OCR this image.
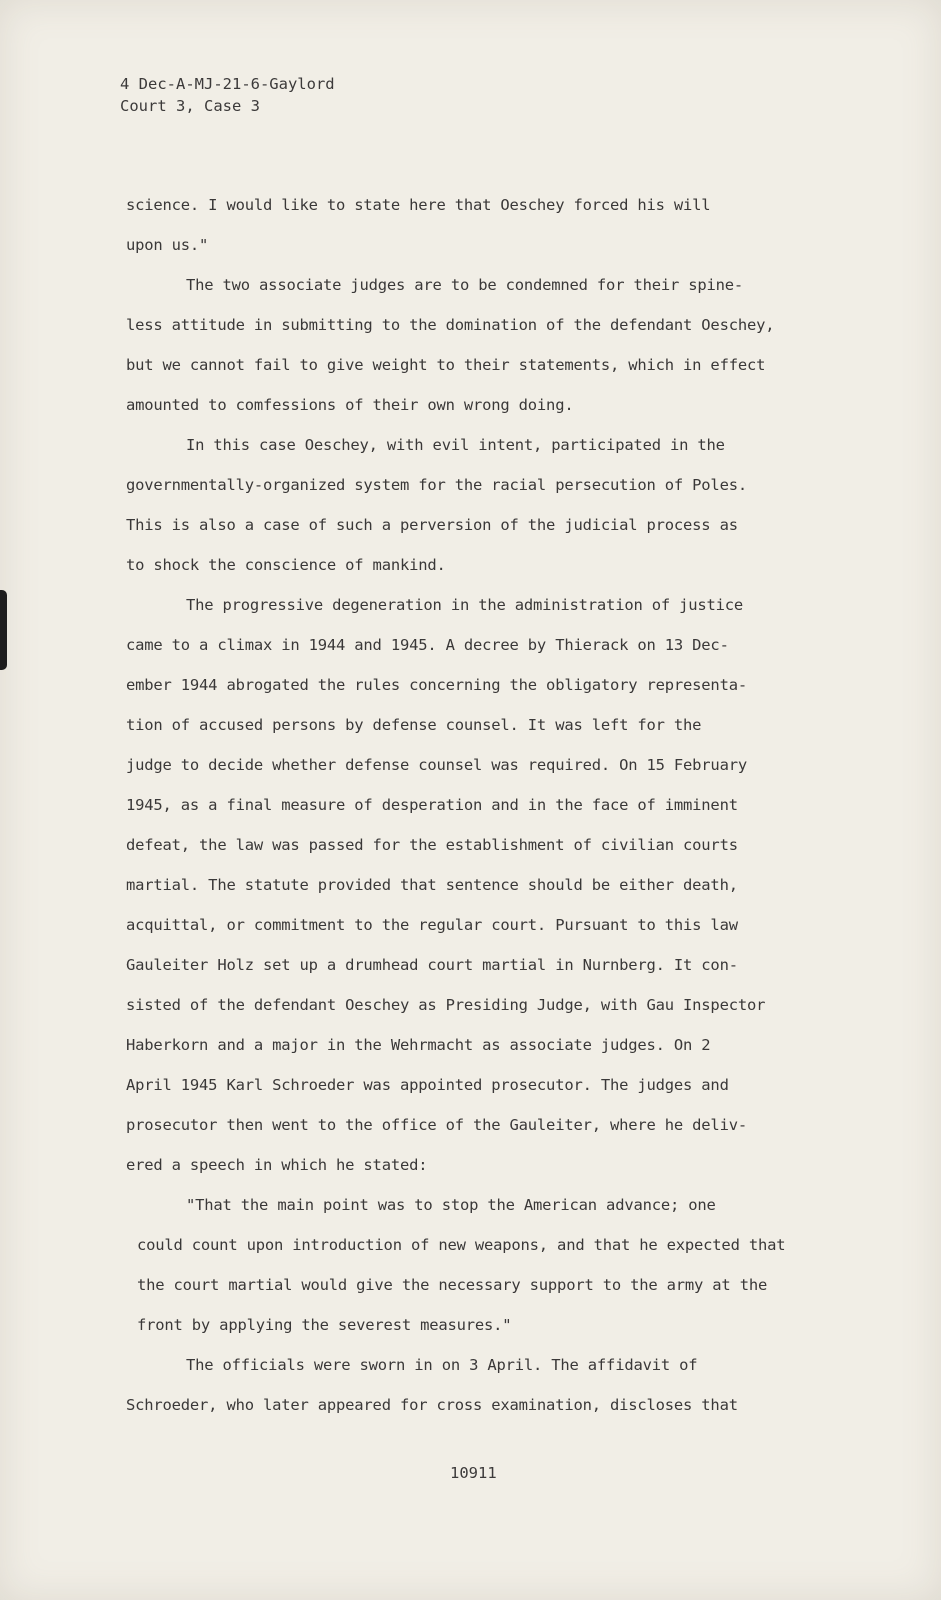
4 Dec-A-MJ-21-6-Gaylord
Court 3, Case 3
science. I would like to state here that Oeschey forced his will
upon us."
The two associate judges are to be condemned for their spine-
less attitude in submitting to the domination of the defendant Oeschey,
but we cannot fail to give weight to their statements, which in effect
amounted to comfessions of their own wrong doing.
In this case Oeschey, with evil intent, participated in the
governmentally-organized system for the racial persecution of Poles.
This is also a case of such a perversion of the judicial process as
to shock the conscience of mankind.
The progressive degeneration in the administration of justice
came to a climax in 1944 and 1945. A decree by Thierack on 13 Dec-
ember 1944 abrogated the rules concerning the obligatory representa-
tion of accused persons by defense counsel. It was left for the
judge to decide whether defense counsel was required. On 15 February
1945, as a final measure of desperation and in the face of imminent
defeat, the law was passed for the establishment of civilian courts
martial. The statute provided that sentence should be either death,
acquittal, or commitment to the regular court. Pursuant to this law
Gauleiter Holz set up a drumhead court martial in Nurnberg. It con-
sisted of the defendant Oeschey as Presiding Judge, with Gau Inspector
Haberkorn and a major in the Wehrmacht as associate judges. On 2
April 1945 Karl Schroeder was appointed prosecutor. The judges and
prosecutor then went to the office of the Gauleiter, where he deliv-
ered a speech in which he stated:
"That the main point was to stop the American advance; one
could count upon introduction of new weapons, and that he expected that
the court martial would give the necessary support to the army at the
front by applying the severest measures."
The officials were sworn in on 3 April. The affidavit of
Schroeder, who later appeared for cross examination, discloses that
10911
